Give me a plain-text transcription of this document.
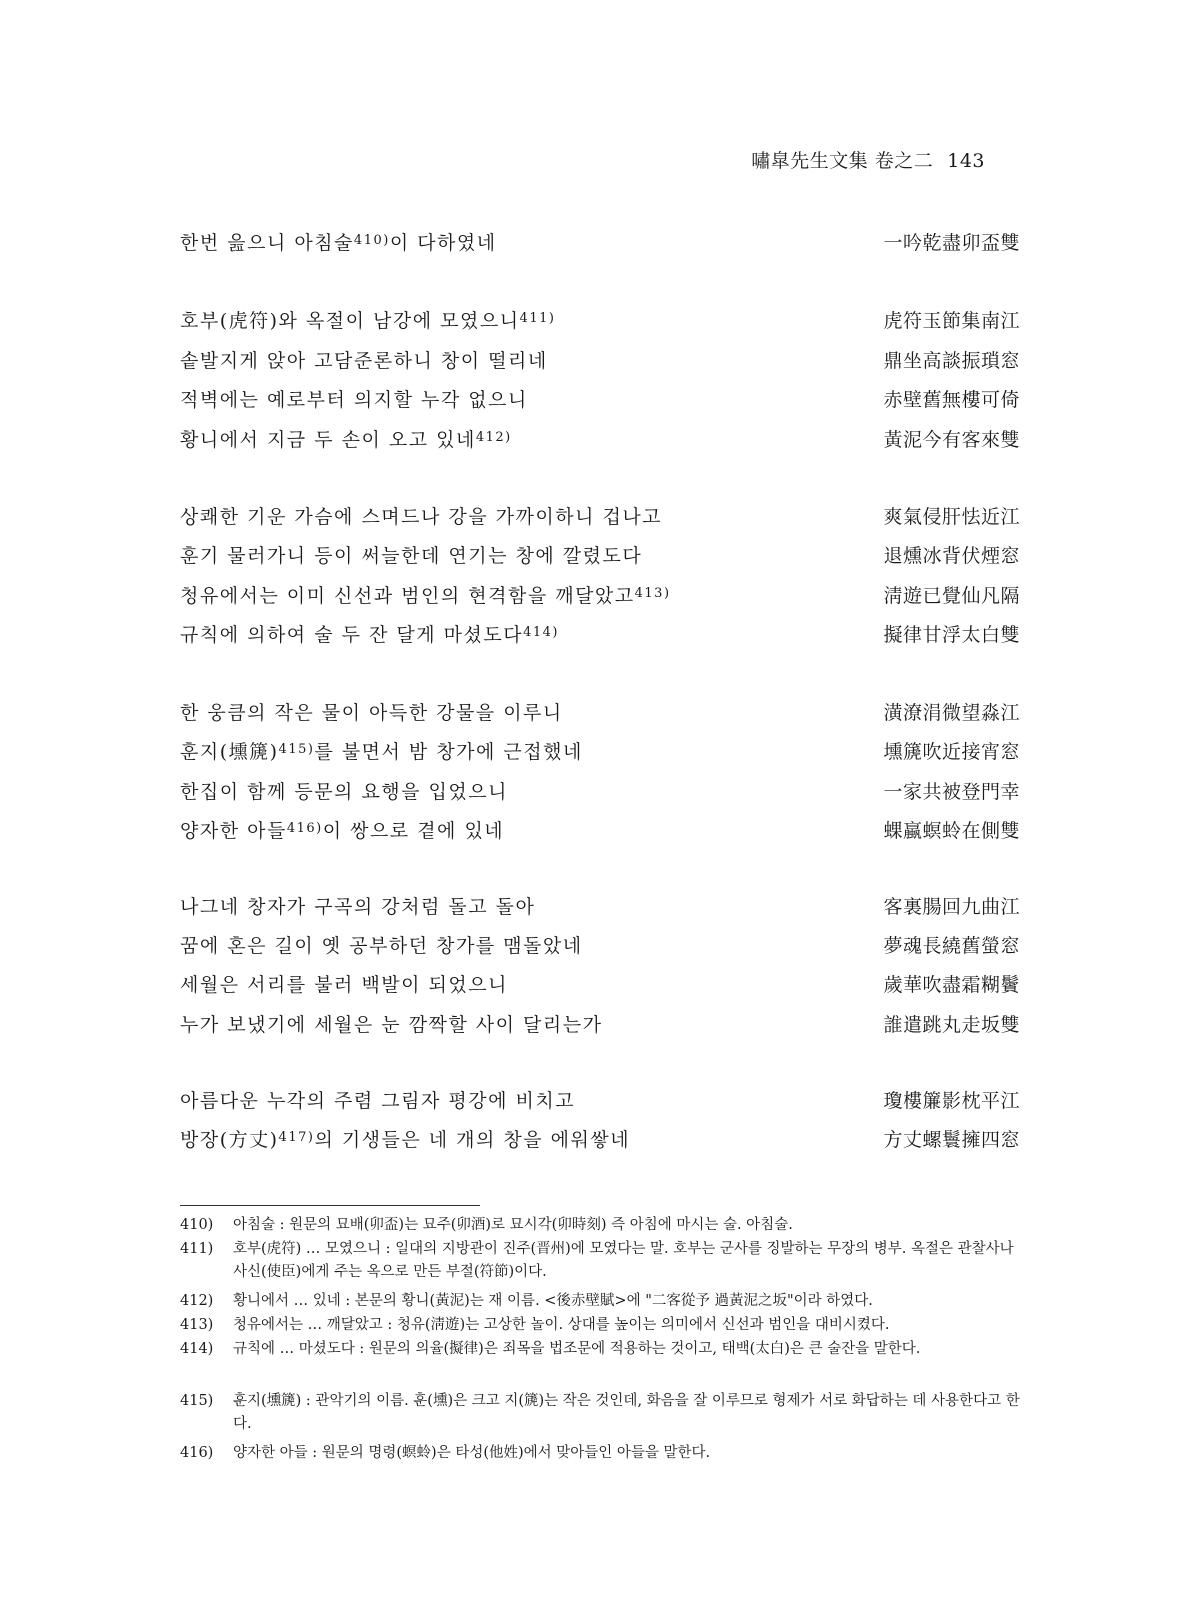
嘯皐先生文集 卷之二 143
한번 읊으니 아침술$^{410)}$이 다하였네	一吟乾盡卯盃雙
호부(虎符)와 옥절이 남강에 모였으니$^{411)}$	虎符玉節集南江
솥발지게 앉아 고담준론하니 창이 떨리네	鼎坐高談振瑣窓
적벽에는 예로부터 의지할 누각 없으니	赤壁舊無樓可倚
황니에서 지금 두 손이 오고 있네$^{412)}$	黃泥今有客來雙
상쾌한 기운 가슴에 스며드나 강을 가까이하니 겁나고	爽氣侵肝怯近江
훈기 물러가니 등이 써늘한데 연기는 창에 깔렸도다	退燻冰背伏煙窓
청유에서는 이미 신선과 범인의 현격함을 깨달았고$^{413)}$	淸遊已覺仙凡隔
규칙에 의하여 술 두 잔 달게 마셨도다$^{414)}$	擬律甘浮太白雙
한 웅큼의 작은 물이 아득한 강물을 이루니	潢潦涓微望淼江
훈지(壎篪)$^{415)}$를 불면서 밤 창가에 근접했네	壎篪吹近接宵窓
한집이 함께 등문의 요행을 입었으니	一家共被登門幸
양자한 아들$^{416)}$이 쌍으로 곁에 있네	蜾蠃螟蛉在側雙
나그네 창자가 구곡의 강처럼 돌고 돌아	客裏腸回九曲江
꿈에 혼은 길이 옛 공부하던 창가를 맴돌았네	夢魂長繞舊螢窓
세월은 서리를 불러 백발이 되었으니	歲華吹盡霜糊鬢
누가 보냈기에 세월은 눈 깜짝할 사이 달리는가	誰遣跳丸走坂雙
아름다운 누각의 주렴 그림자 평강에 비치고	瓊樓簾影枕平江
방장(方丈)$^{417)}$의 기생들은 네 개의 창을 에워쌓네	方丈螺鬟擁四窓
410)	아침술 : 원문의 묘배(卯盃)는 묘주(卯酒)로 묘시각(卯時刻) 즉 아침에 마시는 술. 아침술.
411)	호부(虎符) … 모였으니 : 일대의 지방관이 진주(晋州)에 모였다는 말. 호부는 군사를 징발하는 무장의 병부. 옥절은 관찰사나 사신(使臣)에게 주는 옥으로 만든 부절(符節)이다.
412)	황니에서 … 있네 : 본문의 황니(黃泥)는 재 이름. <後赤壁賦>에 "二客從予 過黃泥之坂"이라 하였다.
413)	청유에서는 … 깨달았고 : 청유(淸遊)는 고상한 놀이. 상대를 높이는 의미에서 신선과 범인을 대비시켰다.
414)	규칙에 … 마셨도다 : 원문의 의율(擬律)은 죄목을 법조문에 적용하는 것이고, 태백(太白)은 큰 술잔을 말한다.
415)	훈지(壎篪) : 관악기의 이름. 훈(壎)은 크고 지(篪)는 작은 것인데, 화음을 잘 이루므로 형제가 서로 화답하는 데 사용한다고 한다.
416)	양자한 아들 : 원문의 명령(螟蛉)은 타성(他姓)에서 맞아들인 아들을 말한다.
